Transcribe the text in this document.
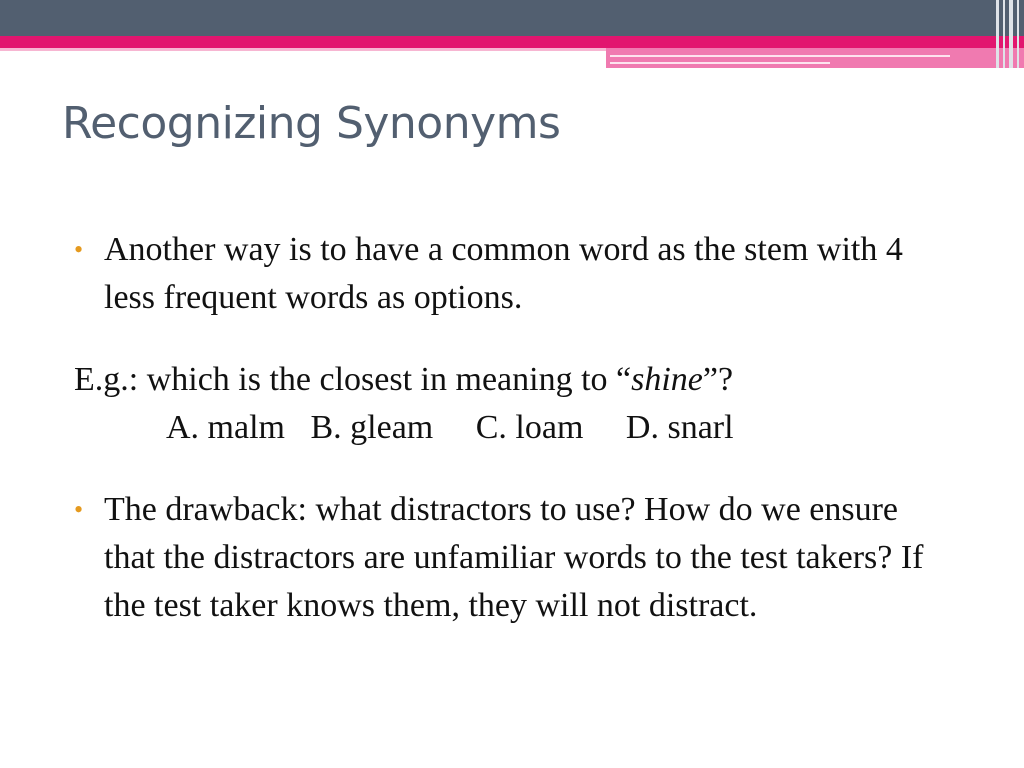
Recognizing Synonyms
• Another way is to have a common word as the stem with 4 less frequent words as options.
E.g.: which is the closest in meaning to “shine”?
A. malm B. gleam C. loam D. snarl
• The drawback: what distractors to use? How do we ensure that the distractors are unfamiliar words to the test takers? If the test taker knows them, they will not distract.
